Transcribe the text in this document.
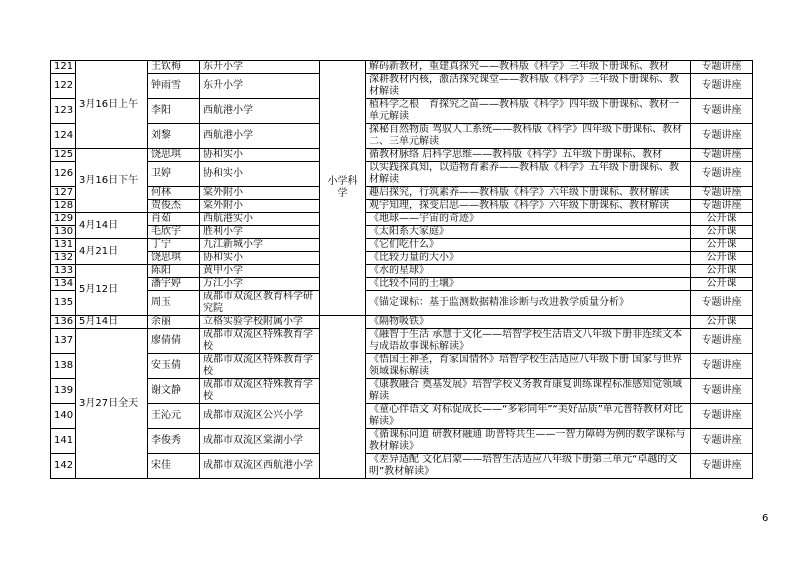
121	3月16日上午	王钦梅	东升小学	小学科学	解码新教材，重建真探究——教科版《科学》三年级下册课标、教材	专题讲座
122		钟雨雪	东升小学		深耕教材内核，激活探究课堂——教科版《科学》三年级下册课标、教材解读	专题讲座
123		李阳	西航港小学		植科学之根　育探究之苗——教科版《科学》四年级下册课标、教材一单元解读	专题讲座
124		刘黎	西航港小学		探秘自然物质 驾驭人工系统——教科版《科学》四年级下册课标、教材二、三单元解读	专题讲座
125	3月16日下午	饶思琪	协和实小		循教材脉络 启科学思维——教科版《科学》五年级下册课标、教材	专题讲座
126		卫婷	协和实小		以实践探真知，以造物育素养——教科版《科学》五年级下册课标、教材解读	专题讲座
127		何林	棠外附小		趣启探究，行筑素养——教科版《科学》六年级下册课标、教材解读	专题讲座
128		贺俊杰	棠外附小		观宇知理，探变启思——教科版《科学》六年级下册课标、教材解读	专题讲座
129	4月14日	肖茹	西航港实小		《地球——宇宙的奇迹》	公开课
130		毛欣宇	胜利小学		《太阳系大家庭》	公开课
131	4月21日	丁宁	九江新城小学		《它们吃什么》	公开课
132		饶思琪	协和实小		《比较力量的大小》	公开课
133	5月12日	陈阳	黄甲小学		《水的星球》	公开课
134		潘宇婷	万江小学		《比较不同的土壤》	公开课
135		周玉	成都市双流区教育科学研究院		《锚定课标：基于监测数据精准诊断与改进教学质量分析》	专题讲座
136	5月14日	余丽	立格实验学校附属小学		《隔物吸铁》	公开课
137	3月27日全天	廖倩倩	成都市双流区特殊教育学校		《融智于生活 承慧于文化——培智学校生活语文八年级下册非连续文本与成语故事课标解读》	专题讲座
138		安玉倩	成都市双流区特殊教育学校		《悟国土神圣，育家国情怀》培智学校生活适应八年级下册 国家与世界领域课标解读	专题讲座
139		谢文静	成都市双流区特殊教育学校		《康教融合 奠基发展》培智学校义务教育康复训练课程标准感知觉领域解读	专题讲座
140		王沁元	成都市双流区公兴小学		《童心伴语文 对标促成长——“多彩同年”“美好品质”单元普特教材对比解读》	专题讲座
141		李俊秀	成都市双流区棠湖小学		《循课标问道 研教材融通 助普特共生——一智力障碍为例的数学课标与教材解读》	专题讲座
142		宋佳	成都市双流区西航港小学		《差异适配 文化启蒙——培智生活适应八年级下册第三单元“卓越的文明”教材解读》	专题讲座
6
